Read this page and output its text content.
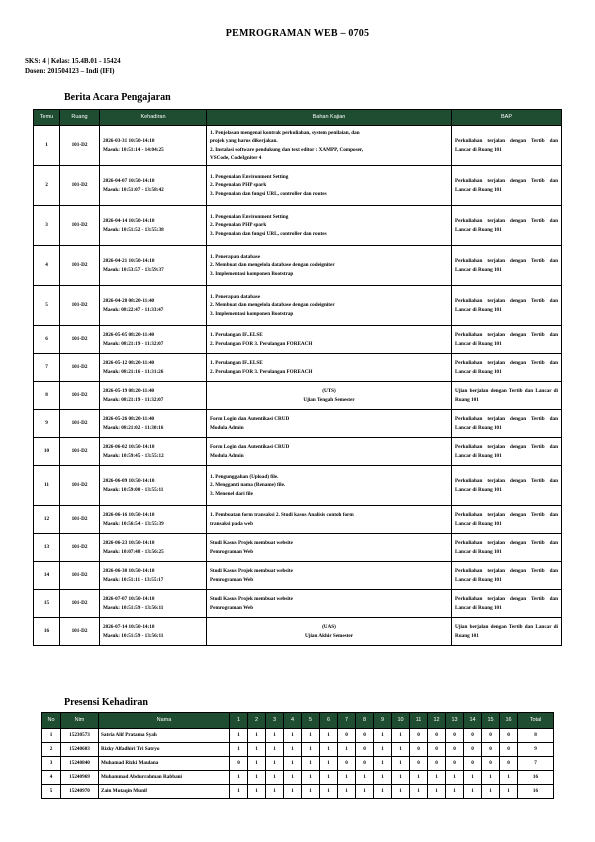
PEMROGRAMAN WEB – 0705
SKS: 4 | Kelas: 15.4B.01 - 15424
Dosen: 201504123 – Indi (IFI)
Berita Acara Pengajaran
Temu	Ruang	Kehadiran	Bahan Kajian	BAP
1	101-D2	2026-03-31 10:50-14:10
Masuk: 10:51:14 - 14:04:25	1. Penjelasan mengenai kontrak perkuliahan, system penilaian, dan
projek yang harus dikerjakan.
2. Instalasi software pendukung dan text editor : XAMPP, Composer,
VSCode, CodeIgniter 4	Perkuliahan terjalan dengan Tertib dan Lancar di Ruang 101
2	101-D2	2026-04-07 10:50-14:10
Masuk: 10:51:07 - 13:58:42	1. Pengenalan Environment Setting
2. Pengenalan PHP spark
3. Pengenalan dan fungsi URL, controller dan routes	Perkuliahan terjalan dengan Tertib dan Lancar di Ruang 101
3	101-D2	2026-04-14 10:50-14:10
Masuk: 10:51:52 - 13:55:38	1. Pengenalan Environment Setting
2. Pengenalan PHP spark
3. Pengenalan dan fungsi URL, controller dan routes	Perkuliahan terjalan dengan Tertib dan Lancar di Ruang 101
4	101-D2	2026-04-21 10:50-14:10
Masuk: 10:53:57 - 13:59:37	1. Penerapan database
2. Membuat dan mengelola database dengan codeigniter
3. Implementasi komponen Bootstrap	Perkuliahan terjalan dengan Tertib dan Lancar di Ruang 101
5	101-D2	2026-04-28 08:20-11:40
Masuk: 08:22:47 - 11:33:47	1. Penerapan database
2. Membuat dan mengelola database dengan codeigniter
3. Implementasi komponen Bootstrap	Perkuliahan terjalan dengan Tertib dan Lancar di Ruang 101
6	101-D2	2026-05-05 08:20-11:40
Masuk: 08:21:19 - 11:32:07	1. Perulangan IF..ELSE
2. Perulangan FOR 3. Perulangan FOREACH	Perkuliahan terjalan dengan Tertib dan Lancar di Ruang 101
7	101-D2	2026-05-12 08:20-11:40
Masuk: 08:21:16 - 11:31:26	1. Perulangan IF..ELSE
2. Perulangan FOR 3. Perulangan FOREACH	Perkuliahan terjalan dengan Tertib dan Lancar di Ruang 101
8	101-D2	2026-05-19 08:20-11:40
Masuk: 08:21:19 - 11:32:07	(UTS)
Ujian Tengah Semester	Ujian berjalan dengan Tertib dan Lancar di Ruang 101
9	101-D2	2026-05-26 08:20-11:40
Masuk: 08:21:02 - 11:30:16	Form Login dan Autentikasi CRUD
Modula Admin	Perkuliahan terjalan dengan Tertib dan Lancar di Ruang 101
10	101-D2	2026-06-02 10:50-14:10
Masuk: 10:59:45 - 13:55:12	Form Login dan Autentikasi CRUD
Modula Admin	Perkuliahan terjalan dengan Tertib dan Lancar di Ruang 101
11	101-D2	2026-06-09 10:50-14:10
Masuk: 10:59:00 - 13:55:11	1. Pengunggahan (Upload) file.
2. Mengganti nama (Rename) file.
3. Menenel dari file	Perkuliahan terjalan dengan Tertib dan Lancar di Ruang 101
12	101-D2	2026-06-16 10:50-14:10
Masuk: 10:56:54 - 13:55:39	1. Pembuatan form transaksi 2. Studi kasus Analisis contoh form
transaksi pada web	Perkuliahan terjalan dengan Tertib dan Lancar di Ruang 101
13	101-D2	2026-06-23 10:50-14:10
Masuk: 10:07:48 - 13:56:25	Studi Kasus Projek membuat website
Pemrograman Web	Perkuliahan terjalan dengan Tertib dan Lancar di Ruang 101
14	101-D2	2026-06-30 10:50-14:10
Masuk: 10:51:11 - 13:55:17	Studi Kasus Projek membuat website
Pemrograman Web	Perkuliahan terjalan dengan Tertib dan Lancar di Ruang 101
15	101-D2	2026-07-07 10:50-14:10
Masuk: 10:51:59 - 13:56:11	Studi Kasus Projek membuat website
Pemrograman Web	Perkuliahan terjalan dengan Tertib dan Lancar di Ruang 101
16	101-D2	2026-07-14 10:50-14:10
Masuk: 10:51:59 - 13:56:11	(UAS)
Ujian Akhir Semester	Ujian berjalan dengan Tertib dan Lancar di Ruang 101
Presensi Kehadiran
No	Nim	Nama	1	2	3	4	5	6	7	8	9	10	11	12	13	14	15	16	Total
1	15230573	Satria Alif Pratama Syah	1	1	1	1	1	1	0	0	1	1	0	0	0	0	0	0	8
2	15240603	Rizky Alfadhiri Tri Satryo	1	1	1	1	1	1	1	0	1	1	0	0	0	0	0	0	9
3	15240840	Muhamad Rizki Maulana	0	1	1	1	1	1	0	0	1	1	0	0	0	0	0	0	7
4	15240969	Muhammad Abdurrahman Rabbani	1	1	1	1	1	1	1	1	1	1	1	1	1	1	1	1	16
5	15240970	Zain Mutaqin Munif	1	1	1	1	1	1	1	1	1	1	1	1	1	1	1	1	16
